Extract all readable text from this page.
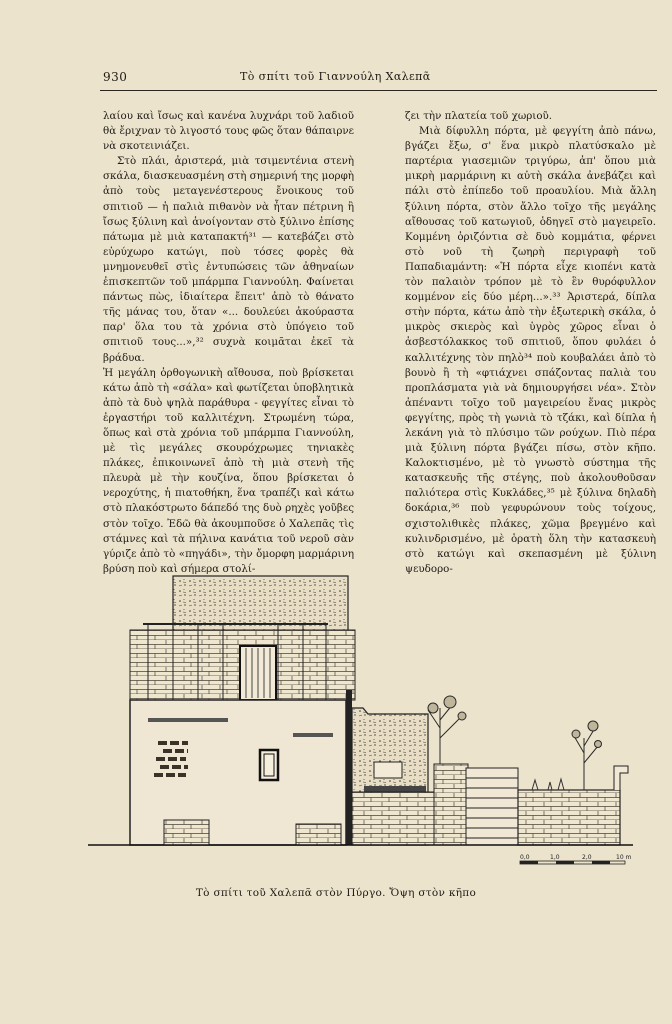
930	Τὸ σπίτι τοῦ Γιαννούλη Χαλεπᾶ

λαίου καὶ ἴσως καὶ κανένα λυχνάρι τοῦ λαδιοῦ θὰ ἔριχναν τὸ λιγοστό τους φῶς ὅταν θάπαιρνε νὰ σκοτεινιάζει.

Στὸ πλάι, ἀριστερά, μιὰ τσιμεντένια στενὴ σκάλα, διασκευασμένη στὴ σημερινή της μορφὴ ἀπὸ τοὺς μεταγενέστερους ἔνοικους τοῦ σπιτιοῦ — ἡ παλιὰ πιθανὸν νὰ ἦταν πέτρινη ἢ ἴσως ξύλινη καὶ ἀνοίγονταν στὸ ξύλινο ἐπίσης πάτωμα μὲ μιὰ καταπακτή³¹ — κατεβάζει στὸ εὐρύχωρο κατώγι, ποὺ τόσες φορὲς θὰ μνημονευθεῖ στὶς ἐντυπώσεις τῶν ἀθηναίων ἐπισκεπτῶν τοῦ μπάρμπα Γιαννούλη. Φαίνεται πάντως πὼς, ἰδιαίτερα ἔπειτ' ἀπὸ τὸ θάνατο τῆς μάνας του, ὅταν «... δουλεύει ἀκούραστα παρ' ὅλα του τὰ χρόνια στὸ ὑπόγειο τοῦ σπιτιοῦ τους...»,³² συχνὰ κοιμᾶται ἐκεῖ τὰ βράδυα.

Ἡ μεγάλη ὀρθογωνικὴ αἴθουσα, ποὺ βρίσκεται κάτω ἀπὸ τὴ «σάλα» καὶ φωτίζεται ὑποβλητικὰ ἀπὸ τὰ δυὸ ψηλὰ παράθυρα - φεγγίτες εἶναι τὸ ἐργαστήρι τοῦ καλλιτέχνη. Στρωμένη τώρα, ὅπως καὶ στὰ χρόνια τοῦ μπάρμπα Γιαννούλη, μὲ τὶς μεγάλες σκουρόχρωμες τηνιακὲς πλάκες, ἐπικοινωνεῖ ἀπὸ τὴ μιὰ στενὴ τῆς πλευρὰ μὲ τὴν κουζίνα, ὅπου βρίσκεται ὁ νεροχύτης, ἡ πιατοθήκη, ἕνα τραπέζι καὶ κάτω στὸ πλακόστρωτο δάπεδό της δυὸ ρηχὲς γοῦβες στὸν τοῖχο. Ἐδῶ θὰ ἀκουμποῦσε ὁ Χαλεπᾶς τὶς στάμνες καὶ τὰ πήλινα κανάτια τοῦ νεροῦ σὰν γύριζε ἀπὸ τὸ «πηγάδι», τὴν ὄμορφη μαρμάρινη βρύση ποὺ καὶ σήμερα στολί-

ζει τὴν πλατεία τοῦ χωριοῦ.

Μιὰ δίφυλλη πόρτα, μὲ φεγγίτη ἀπὸ πάνω, βγάζει ἔξω, σ' ἕνα μικρὸ πλατύσκαλο μὲ παρτέρια γιασεμιῶν τριγύρω, ἀπ' ὅπου μιὰ μικρὴ μαρμάρινη κι αὐτὴ σκάλα ἀνεβάζει καὶ πάλι στὸ ἐπίπεδο τοῦ προαυλίου. Μιὰ ἄλλη ξύλινη πόρτα, στὸν ἄλλο τοῖχο τῆς μεγάλης αἴθουσας τοῦ κατωγιοῦ, ὁδηγεῖ στὸ μαγειρεῖο. Κομμένη ὁριζόντια σὲ δυὸ κομμάτια, φέρνει στὸ νοῦ τὴ ζωηρὴ περιγραφὴ τοῦ Παπαδιαμάντη: «Ἡ πόρτα εἶχε κιοπένι κατὰ τὸν παλαιὸν τρόπον μὲ τὸ ἓν θυρόφυλλον κομμένον εἰς δύο μέρη...».³³ Ἀριστερά, δίπλα στὴν πόρτα, κάτω ἀπὸ τὴν ἐξωτερικὴ σκάλα, ὁ μικρὸς σκιερὸς καὶ ὑγρὸς χῶρος εἶναι ὁ ἀσβεστόλακκος τοῦ σπιτιοῦ, ὅπου φυλάει ὁ καλλιτέχνης τὸν πηλὸ³⁴ ποὺ κουβαλάει ἀπὸ τὸ βουνὸ ἢ τὴ «φτιάχνει σπάζοντας παλιὰ του προπλάσματα γιὰ νὰ δημιουργήσει νέα». Στὸν ἀπέναντι τοῖχο τοῦ μαγειρείου ἕνας μικρὸς φεγγίτης, πρὸς τὴ γωνιὰ τὸ τζάκι, καὶ δίπλα ἡ λεκάνη γιὰ τὸ πλύσιμο τῶν ρούχων. Πιὸ πέρα μιὰ ξύλινη πόρτα βγάζει πίσω, στὸν κῆπο. Καλοκτισμένο, μὲ τὸ γνωστὸ σύστημα τῆς κατασκευῆς τῆς στέγης, ποὺ ἀκολουθοῦσαν παλιότερα στὶς Κυκλάδες,³⁵ μὲ ξύλινα δηλαδὴ δοκάρια,³⁶ ποὺ γεφυρώνουν τοὺς τοίχους, σχιστολιθικὲς πλάκες, χῶμα βρεγμένο καὶ κυλινδρισμένο, μὲ ὁρατὴ ὅλη τὴν κατασκευὴ στὸ κατώγι καὶ σκεπασμένη μὲ ξύλινη ψευδορο-

0,0	1,0	2,0	10 m
Τὸ σπίτι τοῦ Χαλεπᾶ στὸν Πύργο. Ὄψη στὸν κῆπο
